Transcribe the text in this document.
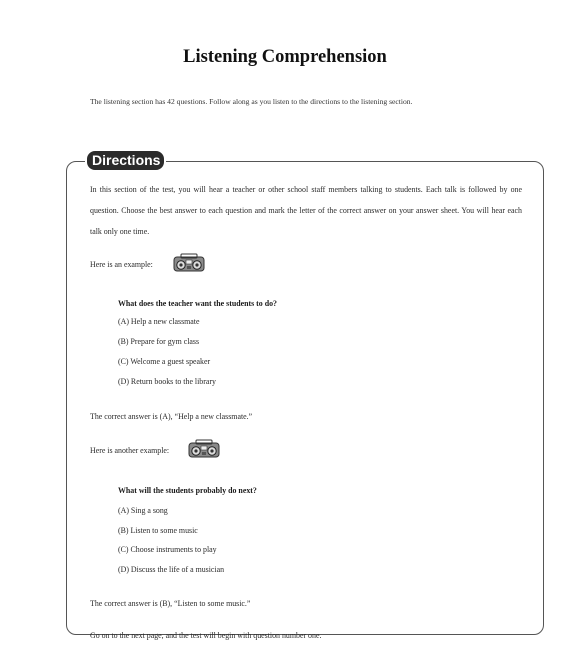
Listening Comprehension
The listening section has 42 questions. Follow along as you listen to the directions to the listening section.
Directions
In this section of the test, you will hear a teacher or other school staff members talking to students. Each talk is followed by one question. Choose the best answer to each question and mark the letter of the correct answer on your answer sheet. You will hear each talk only one time.
Here is an example:
What does the teacher want the students to do?
(A) Help a new classmate
(B) Prepare for gym class
(C) Welcome a guest speaker
(D) Return books to the library
The correct answer is (A), “Help a new classmate.”
Here is another example:
What will the students probably do next?
(A) Sing a song
(B) Listen to some music
(C) Choose instruments to play
(D) Discuss the life of a musician
The correct answer is (B), “Listen to some music.”
Go on to the next page, and the test will begin with question number one.
